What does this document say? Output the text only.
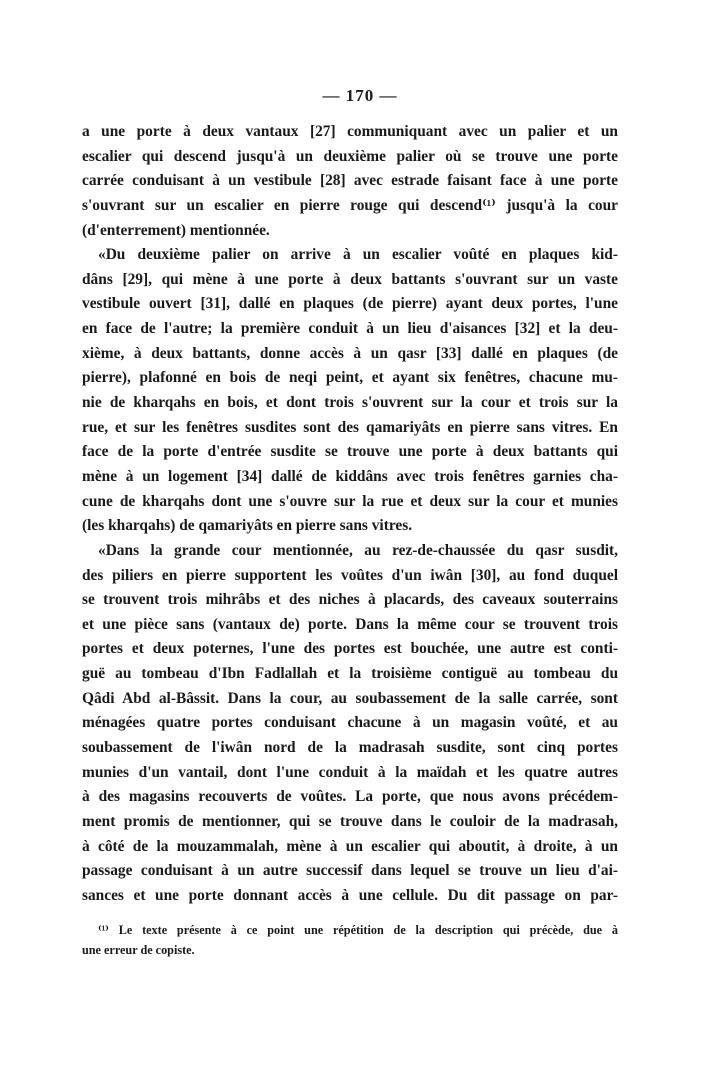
— 170 —
a une porte à deux vantaux [27] communiquant avec un palier et un
escalier qui descend jusqu'à un deuxième palier où se trouve une porte
carrée conduisant à un vestibule [28] avec estrade faisant face à une porte
s'ouvrant sur un escalier en pierre rouge qui descend⁽¹⁾ jusqu'à la cour
(d'enterrement) mentionnée.
«Du deuxième palier on arrive à un escalier voûté en plaques kid-
dâns [29], qui mène à une porte à deux battants s'ouvrant sur un vaste
vestibule ouvert [31], dallé en plaques (de pierre) ayant deux portes, l'une
en face de l'autre; la première conduit à un lieu d'aisances [32] et la deu-
xième, à deux battants, donne accès à un qasr [33] dallé en plaques (de
pierre), plafonné en bois de neqi peint, et ayant six fenêtres, chacune mu-
nie de kharqahs en bois, et dont trois s'ouvrent sur la cour et trois sur la
rue, et sur les fenêtres susdites sont des qamariyâts en pierre sans vitres. En
face de la porte d'entrée susdite se trouve une porte à deux battants qui
mène à un logement [34] dallé de kiddâns avec trois fenêtres garnies cha-
cune de kharqahs dont une s'ouvre sur la rue et deux sur la cour et munies
(les kharqahs) de qamariyâts en pierre sans vitres.
«Dans la grande cour mentionnée, au rez-de-chaussée du qasr susdit,
des piliers en pierre supportent les voûtes d'un iwân [30], au fond duquel
se trouvent trois mihrâbs et des niches à placards, des caveaux souterrains
et une pièce sans (vantaux de) porte. Dans la même cour se trouvent trois
portes et deux poternes, l'une des portes est bouchée, une autre est conti-
guë au tombeau d'Ibn Fadlallah et la troisième contiguë au tombeau du
Qâdi Abd al-Bâssit. Dans la cour, au soubassement de la salle carrée, sont
ménagées quatre portes conduisant chacune à un magasin voûté, et au
soubassement de l'iwân nord de la madrasah susdite, sont cinq portes
munies d'un vantail, dont l'une conduit à la maïdah et les quatre autres
à des magasins recouverts de voûtes. La porte, que nous avons précédem-
ment promis de mentionner, qui se trouve dans le couloir de la madrasah,
à côté de la mouzammalah, mène à un escalier qui aboutit, à droite, à un
passage conduisant à un autre successif dans lequel se trouve un lieu d'ai-
sances et une porte donnant accès à une cellule. Du dit passage on par-
⁽¹⁾ Le texte présente à ce point une répétition de la description qui précède, due à
une erreur de copiste.
